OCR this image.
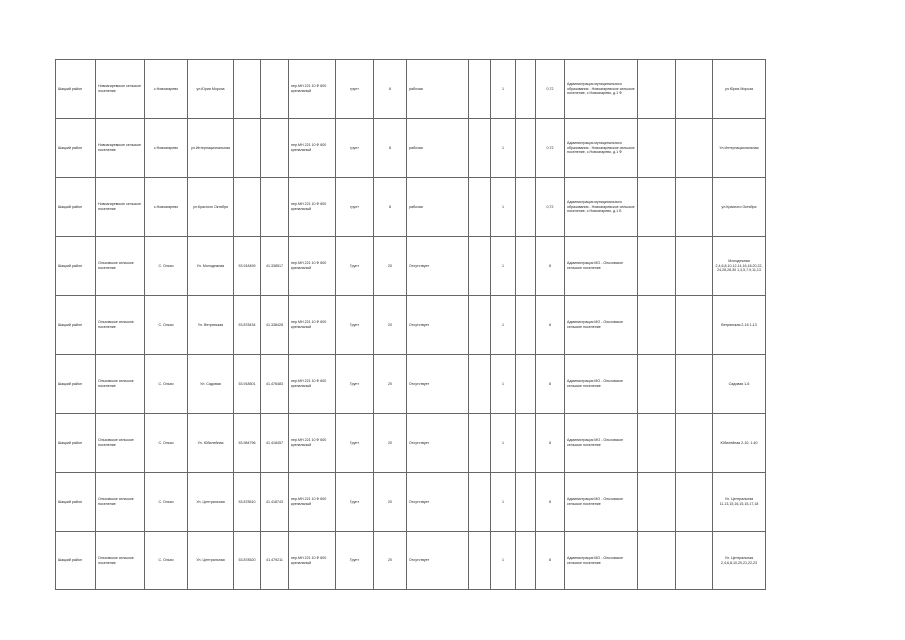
Шацкий район	Новоагаревское сельское поселение	с.Новоагарево	ул.Юрия Мороза			нер.МН 221 10 Ф 600 кренальный	грунт	8	рабочая		1		0,72	Администрация муниципального образования - Новоагаревское сельское поселение, с.Новоагарево, д.1 Ф			ул.Юрия Мороза
Шацкий район	Новоагаревское сельское поселение	с.Новоагарево	ул.Интернациональная			нер.МН 221 10 Ф 600 кренальный	грунт	8	рабочая		1		0,72	Администрация муниципального образования - Новоагаревское сельское поселение, с.Новоагарево, д.1 Ф			Ул.Интернациональная
Шацкий район	Новоагаревское сельское поселение	с.Новоагарево	ул.Красного Октября			нер.МН 221 10 Ф 600 кренальный	грунт	8	рабочая		1		0,72	Администрация муниципального образования - Новоагаревское сельское поселение, с.Новоагарево, д.1 Б			ул.Красного Октября
Шацкий район	Ольховское сельское поселение	С. Ольхи	Ул. Молодежная	53.918459	41.338517	нер.МН 221 10 Ф 600 кренальный	Грунт	20	Отсутствует		1		8	Администрация МО - Ольховское сельское поселение			Молодежная 2,4,6,8,10,12,14,16,18,20,22,24,26,28,30 1,3,5,7,9,11,13
Шацкий район	Ольховское сельское поселение	С. Ольхи	Ул. Ветрянская	53.878434	41.338428	нер.МН 221 10 Ф 600 кренальный	Грунт	20	Отсутствует		1		8	Администрация МО - Ольховское сельское поселение			Ветрянская 2-16 1-13
Шацкий район	Ольховское сельское поселение	С. Ольхи	Ул. Садовая	53.918501	41.476483	нер.МН 221 10 Ф 600 кренальный	Грунт	20	Отсутствует		1		8	Администрация МО - Ольховское сельское поселение			Садовая 1-6
Шацкий район	Ольховское сельское поселение	С. Ольхи	Ул. Юбилейная	53.984796	41.418457	нер.МН 221 10 Ф 600 кренальный	Грунт	20	Отсутствует		1		8	Администрация МО - Ольховское сельское поселение			Юбилейная 2-10, 1-40
Шацкий район	Ольховское сельское поселение	С. Ольхи	Ул. Центральная	53.878510	41.418743	нер.МН 221 10 Ф 600 кренальный	Грунт	20	Отсутствует		1		8	Администрация МО - Ольховское сельское поселение			Ул. Центральная 11,13,15,16,15,15,17,18
Шацкий район	Ольховское сельское поселение	С. Ольхи	Ул. Центральная	53.878520	41.479211	нер.МН 221 10 Ф 600 кренальный	Грунт	20	Отсутствует		1		8	Администрация МО - Ольховское сельское поселение			Ул. Центральная 2,4,6,8,10,20,21,22,23
